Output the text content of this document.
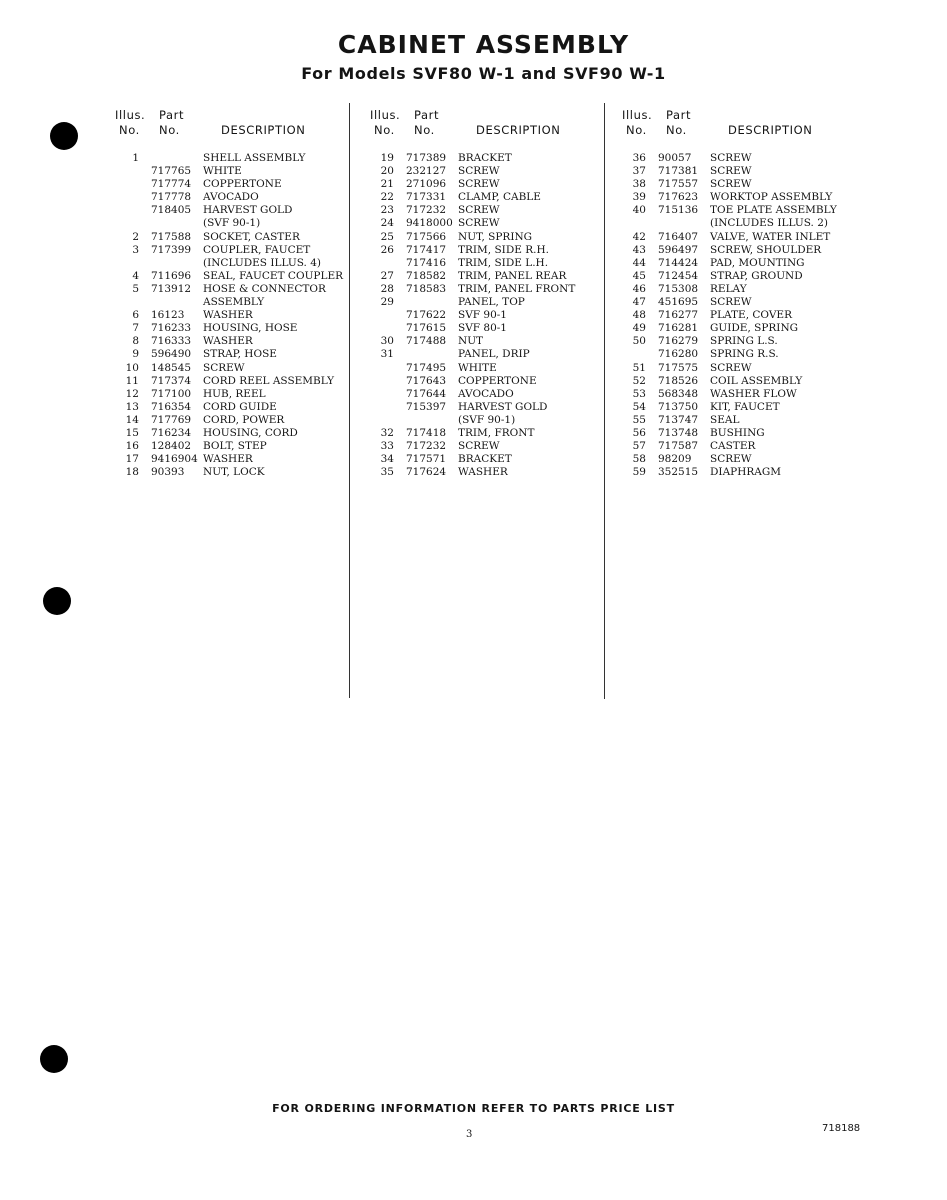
CABINET ASSEMBLY
For Models SVF80 W-1 and SVF90 W-1
Illus. Part
No. No.	DESCRIPTION
1	SHELL ASSEMBLY
717765 WHITE
717774 COPPERTONE
717778 AVOCADO
718405 HARVEST GOLD
(SVF 90-1)
2 717588 SOCKET, CASTER
3 717399 COUPLER, FAUCET
(INCLUDES ILLUS. 4)
4 711696 SEAL, FAUCET COUPLER
5 713912 HOSE & CONNECTOR
ASSEMBLY
6 16123 WASHER
7 716233 HOUSING, HOSE
8 716333 WASHER
9 596490 STRAP, HOSE
10 148545 SCREW
11 717374 CORD REEL ASSEMBLY
12 717100 HUB, REEL
13 716354 CORD GUIDE
14 717769 CORD, POWER
15 716234 HOUSING, CORD
16 128402 BOLT, STEP
17 9416904 WASHER
18 90393 NUT, LOCK
Illus. Part
No. No.	DESCRIPTION
19 717389 BRACKET
20 232127 SCREW
21 271096 SCREW
22 717331 CLAMP, CABLE
23 717232 SCREW
24 9418000 SCREW
25 717566 NUT, SPRING
26 717417 TRIM, SIDE R.H.
717416 TRIM, SIDE L.H.
27 718582 TRIM, PANEL REAR
28 718583 TRIM, PANEL FRONT
29	PANEL, TOP
717622 SVF 90-1
717615 SVF 80-1
30 717488 NUT
31	PANEL, DRIP
717495 WHITE
717643 COPPERTONE
717644 AVOCADO
715397 HARVEST GOLD
(SVF 90-1)
32 717418 TRIM, FRONT
33 717232 SCREW
34 717571 BRACKET
35 717624 WASHER
Illus. Part
No. No.	DESCRIPTION
36 90057 SCREW
37 717381 SCREW
38 717557 SCREW
39 717623 WORKTOP ASSEMBLY
40 715136 TOE PLATE ASSEMBLY
(INCLUDES ILLUS. 2)
42 716407 VALVE, WATER INLET
43 596497 SCREW, SHOULDER
44 714424 PAD, MOUNTING
45 712454 STRAP, GROUND
46 715308 RELAY
47 451695 SCREW
48 716277 PLATE, COVER
49 716281 GUIDE, SPRING
50 716279 SPRING L.S.
716280 SPRING R.S.
51 717575 SCREW
52 718526 COIL ASSEMBLY
53 568348 WASHER FLOW
54 713750 KIT, FAUCET
55 713747 SEAL
56 713748 BUSHING
57 717587 CASTER
58 98209 SCREW
59 352515 DIAPHRAGM
FOR ORDERING INFORMATION REFER TO PARTS PRICE LIST
3
718188
